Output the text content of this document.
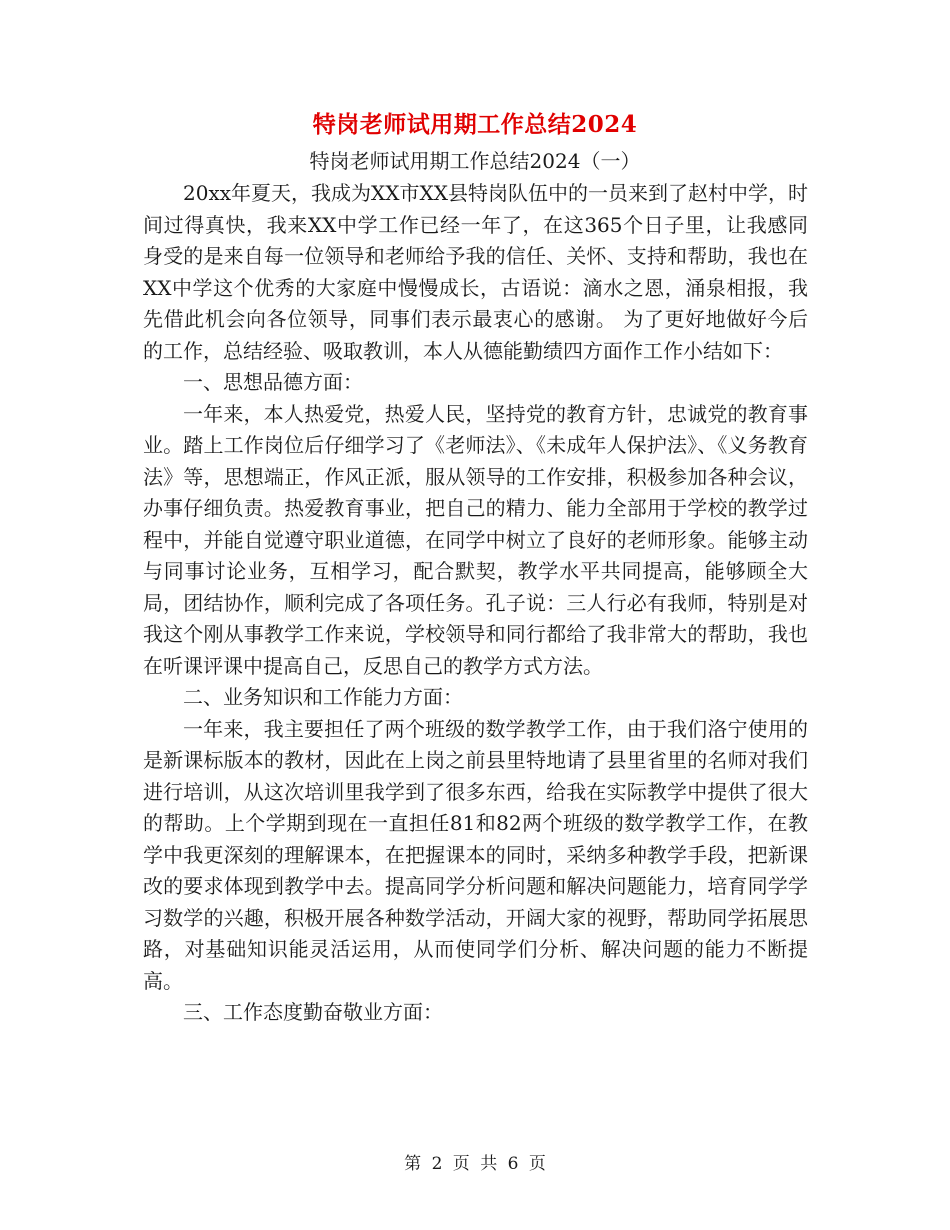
特岗老师试用期工作总结2024
特岗老师试用期工作总结2024（一）

20xx年夏天，我成为XX市XX县特岗队伍中的一员来到了赵村中学，时间过得真快，我来XX中学工作已经一年了，在这365个日子里，让我感同身受的是来自每一位领导和老师给予我的信任、关怀、支持和帮助，我也在XX中学这个优秀的大家庭中慢慢成长，古语说：滴水之恩，涌泉相报，我先借此机会向各位领导，同事们表示最衷心的感谢。 为了更好地做好今后的工作，总结经验、吸取教训，本人从德能勤绩四方面作工作小结如下：

一、思想品德方面：

一年来，本人热爱党，热爱人民，坚持党的教育方针，忠诚党的教育事业。踏上工作岗位后仔细学习了《老师法》、《未成年人保护法》、《义务教育法》等，思想端正，作风正派，服从领导的工作安排，积极参加各种会议，办事仔细负责。热爱教育事业，把自己的精力、能力全部用于学校的教学过程中，并能自觉遵守职业道德，在同学中树立了良好的老师形象。能够主动与同事讨论业务，互相学习，配合默契，教学水平共同提高，能够顾全大局，团结协作，顺利完成了各项任务。孔子说：三人行必有我师，特别是对我这个刚从事教学工作来说，学校领导和同行都给了我非常大的帮助，我也在听课评课中提高自己，反思自己的教学方式方法。

二、业务知识和工作能力方面：

一年来，我主要担任了两个班级的数学教学工作，由于我们洛宁使用的是新课标版本的教材，因此在上岗之前县里特地请了县里省里的名师对我们进行培训，从这次培训里我学到了很多东西，给我在实际教学中提供了很大的帮助。上个学期到现在一直担任81和82两个班级的数学教学工作，在教学中我更深刻的理解课本，在把握课本的同时，采纳多种教学手段，把新课改的要求体现到教学中去。提高同学分析问题和解决问题能力，培育同学学习数学的兴趣，积极开展各种数学活动，开阔大家的视野，帮助同学拓展思路，对基础知识能灵活运用，从而使同学们分析、解决问题的能力不断提高。

三、工作态度勤奋敬业方面：

第 2 页 共 6 页
